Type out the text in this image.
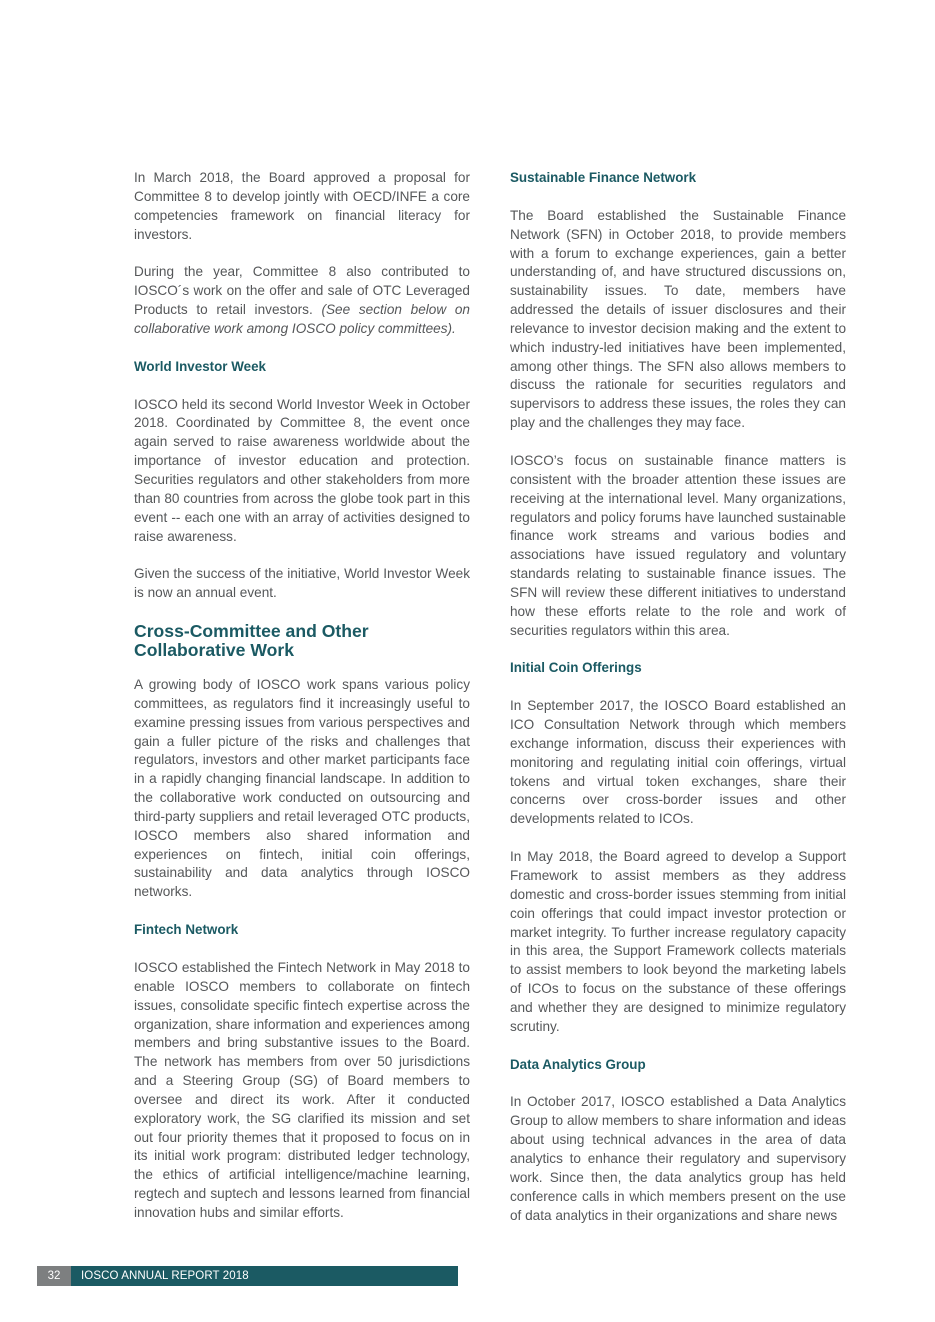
In March 2018, the Board approved a proposal for Committee 8 to develop jointly with OECD/INFE a core competencies framework on financial literacy for investors.

During the year, Committee 8 also contributed to IOSCO´s work on the offer and sale of OTC Leveraged Products to retail investors. (See section below on collaborative work among IOSCO policy committees).

World Investor Week

IOSCO held its second World Investor Week in October 2018. Coordinated by Committee 8, the event once again served to raise awareness worldwide about the importance of investor education and protection. Securities regulators and other stakeholders from more than 80 countries from across the globe took part in this event -- each one with an array of activities designed to raise awareness.

Given the success of the initiative, World Investor Week is now an annual event.

Cross-Committee and Other Collaborative Work

A growing body of IOSCO work spans various policy committees, as regulators find it increasingly useful to examine pressing issues from various perspectives and gain a fuller picture of the risks and challenges that regulators, investors and other market participants face in a rapidly changing financial landscape. In addition to the collaborative work conducted on outsourcing and third-party suppliers and retail leveraged OTC products, IOSCO members also shared information and experiences on fintech, initial coin offerings, sustainability and data analytics through IOSCO networks.

Fintech Network

IOSCO established the Fintech Network in May 2018 to enable IOSCO members to collaborate on fintech issues, consolidate specific fintech expertise across the organization, share information and experiences among members and bring substantive issues to the Board. The network has members from over 50 jurisdictions and a Steering Group (SG) of Board members to oversee and direct its work. After it conducted exploratory work, the SG clarified its mission and set out four priority themes that it proposed to focus on in its initial work program: distributed ledger technology, the ethics of artificial intelligence/machine learning, regtech and suptech and lessons learned from financial innovation hubs and similar efforts.

Sustainable Finance Network

The Board established the Sustainable Finance Network (SFN) in October 2018, to provide members with a forum to exchange experiences, gain a better understanding of, and have structured discussions on, sustainability issues. To date, members have addressed the details of issuer disclosures and their relevance to investor decision making and the extent to which industry-led initiatives have been implemented, among other things. The SFN also allows members to discuss the rationale for securities regulators and supervisors to address these issues, the roles they can play and the challenges they may face.

IOSCO’s focus on sustainable finance matters is consistent with the broader attention these issues are receiving at the international level. Many organizations, regulators and policy forums have launched sustainable finance work streams and various bodies and associations have issued regulatory and voluntary standards relating to sustainable finance issues. The SFN will review these different initiatives to understand how these efforts relate to the role and work of securities regulators within this area.

Initial Coin Offerings

In September 2017, the IOSCO Board established an ICO Consultation Network through which members exchange information, discuss their experiences with monitoring and regulating initial coin offerings, virtual tokens and virtual token exchanges, share their concerns over cross-border issues and other developments related to ICOs.

In May 2018, the Board agreed to develop a Support Framework to assist members as they address domestic and cross-border issues stemming from initial coin offerings that could impact investor protection or market integrity. To further increase regulatory capacity in this area, the Support Framework collects materials to assist members to look beyond the marketing labels of ICOs to focus on the substance of these offerings and whether they are designed to minimize regulatory scrutiny.

Data Analytics Group

In October 2017, IOSCO established a Data Analytics Group to allow members to share information and ideas about using technical advances in the area of data analytics to enhance their regulatory and supervisory work. Since then, the data analytics group has held conference calls in which members present on the use of data analytics in their organizations and share news

32	IOSCO ANNUAL REPORT 2018
